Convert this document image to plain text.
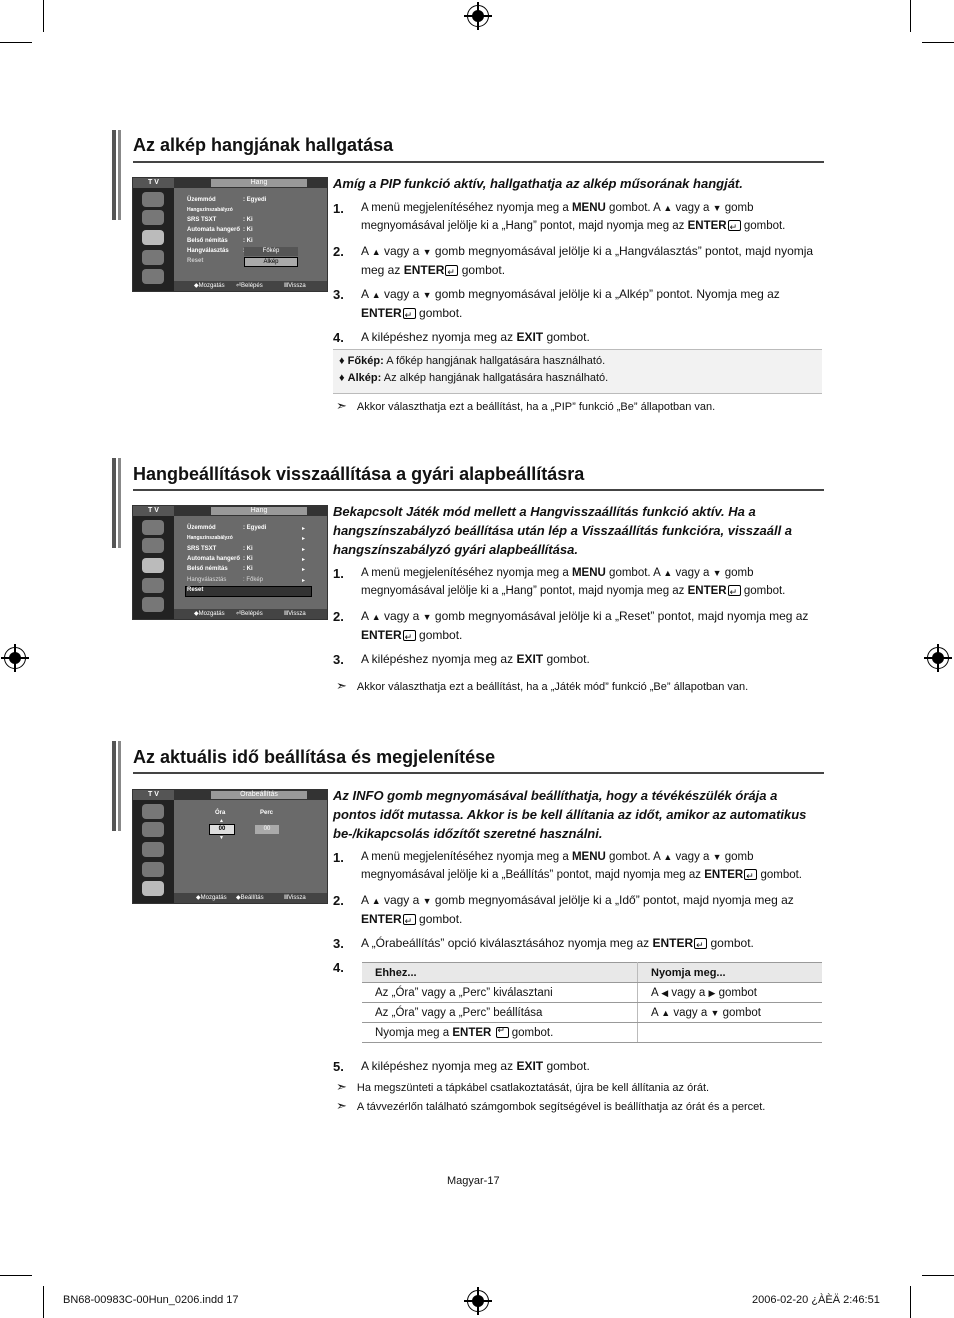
Az alkép hangjának hallgatása
T V	Hang
Üzemmód	: Egyedi
Hangszínszabályzó
SRS TSXT	: Ki
Automata hangerő : Ki
Belső némítás	: Ki
Hangválasztás
Reset
Főkép
Alkép
◆Mozgatás ⏎Belépés	ⅢVissza
Amíg a PIP funkció aktív, hallgathatja az alkép műsorának hangját.
1. A menü megjelenítéséhez nyomja meg a MENU gombot. A ▲ vagy a ▼ gomb megnyomásával jelölje ki a „Hang” pontot, majd nyomja meg az ENTER ↵ gombot.
2. A ▲ vagy a ▼ gomb megnyomásával jelölje ki a „Hangválasztás” pontot, majd nyomja meg az ENTER ↵ gombot.
3. A ▲ vagy a ▼ gomb megnyomásával jelölje ki a „Alkép” pontot. Nyomja meg az ENTER ↵ gombot.
4. A kilépéshez nyomja meg az EXIT gombot.
♦ Főkép: A főkép hangjának hallgatására használható.
♦ Alkép: Az alkép hangjának hallgatására használható.
➣ Akkor választhatja ezt a beállítást, ha a „PIP” funkció „Be” állapotban van.
Hangbeállítások visszaállítása a gyári alapbeállításra
T V	Hang
Üzemmód	: Egyedi	▸
Hangszínszabályzó	▸
SRS TSXT	: Ki	▸
Automata hangerő : Ki	▸
Belső némítás	: Ki	▸
Hangválasztás	: Főkép	▸
Reset
◆Mozgatás ⏎Belépés	ⅢVissza
Bekapcsolt Játék mód mellett a Hangvisszaállítás funkció aktív. Ha a hangszínszabályzó beállítása után lép a Visszaállítás funkcióra, visszaáll a hangszínszabályzó gyári alapbeállítása.
1. A menü megjelenítéséhez nyomja meg a MENU gombot. A ▲ vagy a ▼ gomb megnyomásával jelölje ki a „Hang” pontot, majd nyomja meg az ENTER ↵ gombot.
2. A ▲ vagy a ▼ gomb megnyomásával jelölje ki a „Reset” pontot, majd nyomja meg az ENTER ↵ gombot.
3. A kilépéshez nyomja meg az EXIT gombot.
➣ Akkor választhatja ezt a beállítást, ha a „Játék mód” funkció „Be” állapotban van.
Az aktuális idő beállítása és megjelenítése
T V	Órabeállítás
Óra	Perc
▲
00
▼
00
◆Mozgatás ◆Beállítás	ⅢVissza
Az INFO gomb megnyomásával beállíthatja, hogy a tévékészülék órája a pontos időt mutassa. Akkor is be kell állítania az időt, amikor az automatikus be-/kikapcsolás időzítőt szeretné használni.
1. A menü megjelenítéséhez nyomja meg a MENU gombot. A ▲ vagy a ▼ gomb megnyomásával jelölje ki a „Beállítás” pontot, majd nyomja meg az ENTER ↵ gombot.
2. A ▲ vagy a ▼ gomb megnyomásával jelölje ki a „Idő” pontot, majd nyomja meg az ENTER ↵ gombot.
3. A „Órabeállítás” opció kiválasztásához nyomja meg az ENTER ↵ gombot.
4.	Ehhez...	Nyomja meg...
Az „Óra” vagy a „Perc” kiválasztani	A ◀ vagy a ▶ gombot
Az „Óra” vagy a „Perc” beállítása	A ▲ vagy a ▼ gombot
Nyomja meg a ENTER ↵ gombot.	
5. A kilépéshez nyomja meg az EXIT gombot.
➣ Ha megszünteti a tápkábel csatlakoztatását, újra be kell állítania az órát.
➣ A távvezérlőn található számgombok segítségével is beállíthatja az órát és a percet.
Magyar-17
BN68-00983C-00Hun_0206.indd 17	2006-02-20 ¿ÀÈÄ 2:46:51
